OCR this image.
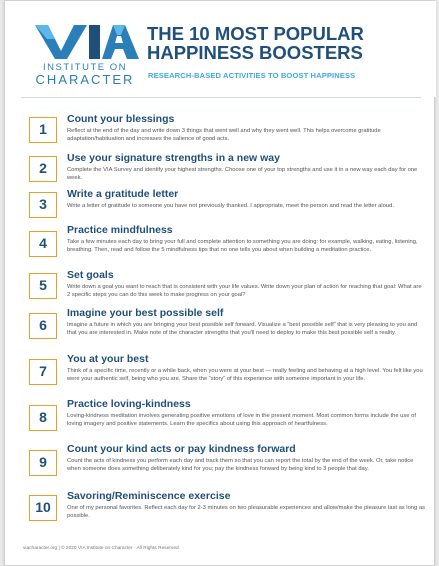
INSTITUTE ON
CHARACTER
THE 10 MOST POPULAR
HAPPINESS BOOSTERS
RESEARCH-BASED ACTIVITIES TO BOOST HAPPINESS
1
Count your blessings
Reflect at the end of the day and write down 3 things that went well and why they went well. This helps overcome gratitude adaptation/habituation and increases the salience of good acts.
2
Use your signature strengths in a new way
Complete the VIA Survey and identify your highest strengths. Choose one of your top strengths and use it in a new way each day for one week.
3
Write a gratitude letter
Write a letter of gratitude to someone you have not previously thanked. I appropriate, meet the person and read the letter aloud.
4
Practice mindfulness
Take a few minutes each day to bring your full and complete attention to something you are doing: for example, walking, eating, listening, breathing. Then, read and follow the 5 mindfulness tips that no one tells you about when building a meditation practice.
5
Set goals
Write down a goal you want to reach that is consistent with your life values. Write down your plan of action for reaching that goal: What are 2 specific steps you can do this week to make progress on your goal?
6
Imagine your best possible self
Imagine a future in which you are bringing your best possible self forward. Visualize a “best possible self” that is very pleasing to you and that you are interested in. Make note of the character strengths that you'll need to deploy to make this best possible self a reality.
7
You at your best
Think of a specific time, recently or a while back, when you were at your best — really feeling and behaving at a high level. You felt like you were your authentic self, being who you are. Share the “story” of this experience with someone important in your life.
8
Practice loving-kindness
Loving-kindness meditation involves generating positive emotions of love in the present moment. Most common forms include the use of loving imagery and positive statements. Learn the specifics about using this approach of heartfulness.
9
Count your kind acts or pay kindness forward
Count the acts of kindness you perform each day and track them so that you can report the total by the end of the week. Or, take notice when someone does something deliberately kind for you; pay the kindness forward by being kind to 3 people that day.
10
Savoring/Reminiscence exercise
One of my personal favorites. Reflect each day for 2-3 minutes on two pleasurable experiences and allow/make the pleasure last as long as possible.
viacharacter.org | © 2020 VIA Institute on Character · All Rights Reserved.
